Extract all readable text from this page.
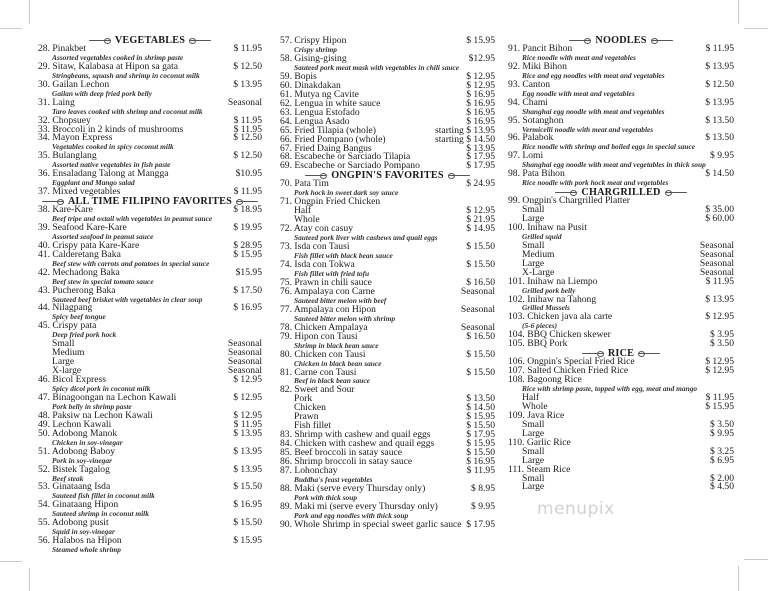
VEGETABLES
28. Pinakbet	$ 11.95
Assorted vegetables cooked in shrimp paste
29. Sitaw, Kalabasa at Hipon sa gata	$ 12.50
Stringbeans, squash and shrimp in coconut milk
30. Gailan Lechon	$ 13.95
Gailan with deep fried pork belly
31. Laing	Seasonal
Taro leaves cooked with shrimp and coconut milk
32. Chopsuey	$ 11.95
33. Broccoli in 2 kinds of mushrooms	$ 11.95
34. Mayon Express	$ 12.50
Vegetables cooked in spicy coconut milk
35. Bulanglang	$ 12.50
Assorted native vegetables in fish paste
36. Ensaladang Talong at Mangga	$10.95
Eggplant and Mango salad
37. Mixed vegetables	$ 11.95
ALL TIME FILIPINO FAVORITES
38. Kare-Kare	$ 18.95
Beef tripe and oxtail with vegetables in peanut sauce
39. Seafood Kare-Kare	$ 19.95
Assorted seafood in peanut sauce
40. Crispy pata Kare-Kare	$ 28.95
41. Calderetang Baka	$ 15.95
Beef stew with carrots and potatoes in special sauce
42. Mechadong Baka	$15.95
Beef stew in special tomato sauce
43. Pucherong Baka	$ 17.50
Sauteed beef brisket with vegetables in clear soup
44. Nilagpang	$ 16.95
Spicy beef tongue
45. Crispy pata
Deep fried pork hock
Small	Seasonal
Medium	Seasonal
Large	Seasonal
X-large	Seasonal
46. Bicol Express	$ 12.95
Spicy dicol pork in coconut milk
47. Binagoongan na Lechon Kawali	$ 12.95
Pork belly in shrimp paste
48. Paksiw na Lechon Kawali	$ 12.95
49. Lechon Kawali	$ 11.95
50. Adobong Manok	$ 13.95
Chicken in soy-vinegar
51. Adobong Baboy	$ 13.95
Pork in soy-vinegar
52. Bistek Tagalog	$ 13.95
Beef steak
53. Ginataang Isda	$ 15.50
Sauteed fish fillet in coconut milk
54. Ginataang Hipon	$ 16.95
Sauteed shrimp in coconut milk
55. Adobong pusit	$ 15.50
Squid in soy-vinegar
56. Halabos na Hipon	$ 15.95
Steamed whole shrimp
57. Crispy Hipon	$ 15.95
Crispy shrimp
58. Gising-gising	$12.95
Sauteed pork meat mask with vegetables in chili sauce
59. Bopis	$ 12.95
60. Dinakdakan	$ 12.95
61. Mutya ng Cavite	$ 16.95
62. Lengua in white sauce	$ 16.95
63. Lengua Estofado	$ 16.95
64. Lengua Asado	$ 16.95
65. Fried Tilapia (whole)	starting $ 13.95
66. Fried Pompano (whole)	starting $ 14.50
67. Fried Daing Bangus	$ 13.95
68. Escabeche or Sarciado Tilapia	$ 17.95
69. Escabeche or Sarciado Pompano	$ 17.95
ONGPIN'S FAVORITES
70. Pata Tim	$ 24.95
Pork hock in sweet dark soy sauce
71. Ongpin Fried Chicken
Half	$ 12.95
Whole	$ 21.95
72. Atay con casuy	$ 14.95
Sauteed pork liver with cashews and quail eggs
73. Isda con Tausi	$ 15.50
Fish fillet with black bean sauce
74. Isda con Tokwa	$ 15.50
Fish fillet with fried tofu
75. Prawn in chili sauce	$ 16.50
76. Ampalaya con Carne	Seasonal
Sauteed bitter melon with beef
77. Ampalaya con Hipon	Seasonal
Sauteed bitter melon with shrimp
78. Chicken Ampalaya	Seasonal
79. Hipon con Tausi	$ 16.50
Shrimp in black bean sauce
80. Chicken con Tausi	$ 15.50
Chicken in black bean sauce
81. Carne con Tausi	$ 15.50
Beef in black bean sauce
82. Sweet and Sour
Pork	$ 13.50
Chicken	$ 14.50
Prawn	$ 15.95
Fish fillet	$ 15.50
83. Shrimp with cashew and quail eggs	$ 17.95
84. Chicken with cashew and quail eggs	$ 15.95
85. Beef broccoli in satay sauce	$ 15.50
86. Shrimp broccoli in satay sauce	$ 16.95
87. Lohonchay	$ 11.95
Buddha's feast vegetables
88. Maki (serve every Thursday only)	$ 8.95
Pork with thick soup
89. Maki mi (serve every Thursday only)	$ 9.95
Pork and egg noodles with thick soup
90. Whole Shrimp in special sweet garlic sauce $ 17.95
NOODLES
91. Pancit Bihon	$ 11.95
Rice noodle with meat and vegetables
92. Miki Bihon	$ 13.95
Rice and egg noodles with meat and vegetables
93. Canton	$ 12.50
Egg noodle with meat and vegetables
94. Chami	$ 13.95
Shanghai egg noodle with meat and vegetables
95. Sotanghon	$ 13.50
Vermicelli noodle with meat and vegetables
96. Palabok	$ 13.50
Rice noodle with shrimp and boiled eggs in special sauce
97. Lomi	$ 9.95
Shanghai egg noodle with meat and vegetables in thick soup
98. Pata Bihon	$ 14.50
Rice noodle with pork hock meat and vegetables
CHARGRILLED
99. Ongpin's Chargrilled Platter
Small	$ 35.00
Large	$ 60.00
100. Inihaw na Pusit
Grilled squid
Small	Seasonal
Medium	Seasonal
Large	Seasonal
X-Large	Seasonal
101. Inihaw na Liempo	$ 11.95
Grilled pork belly
102. Inihaw na Tahong	$ 13.95
Grilled Mussels
103. Chicken java ala carte	$ 12.95
(5-6 pieces)
104. BBQ Chicken skewer	$ 3.95
105. BBQ Pork	$ 3.50
RICE
106. Ongpin's Special Fried Rice	$ 12.95
107. Salted Chicken Fried Rice	$ 12.95
108. Bagoong Rice
Rice with shrimp paste, topped with egg, meat and mango
Half	$ 11.95
Whole	$ 15.95
109. Java Rice
Small	$ 3.50
Large	$ 9.95
110. Garlic Rice
Small	$ 3.25
Large	$ 6.95
111. Steam Rice
Small	$ 2.00
Large	$ 4.50
menupix
